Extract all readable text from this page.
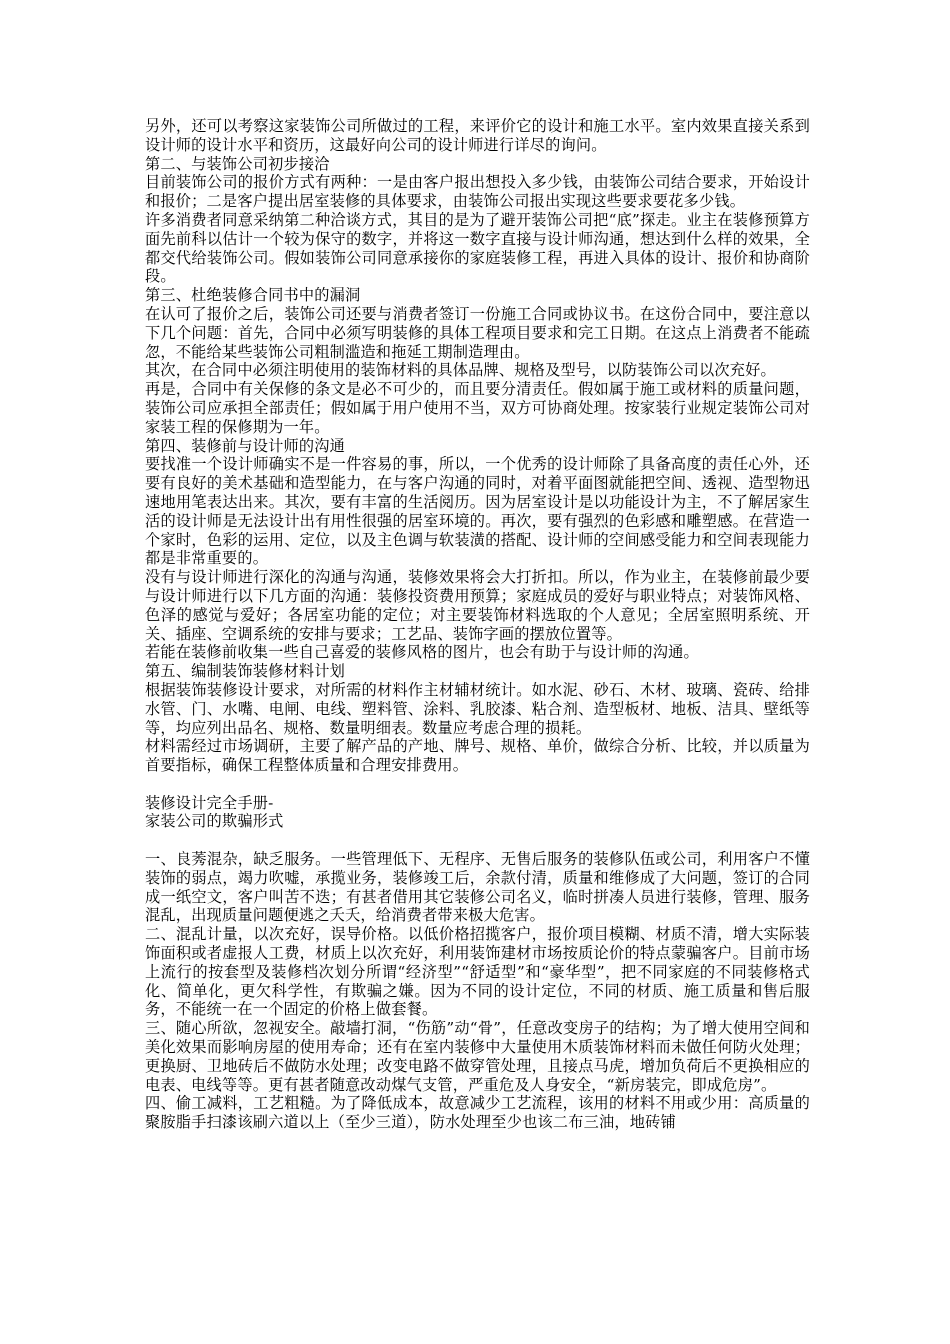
另外，还可以考察这家装饰公司所做过的工程，来评价它的设计和施工水平。室内效果直接关系到设计师的设计水平和资历，这最好向公司的设计师进行详尽的询问。

第二、与装饰公司初步接洽

目前装饰公司的报价方式有两种：一是由客户报出想投入多少钱，由装饰公司结合要求，开始设计和报价；二是客户提出居室装修的具体要求，由装饰公司报出实现这些要求要花多少钱。

许多消费者同意采纳第二种洽谈方式，其目的是为了避开装饰公司把“底”探走。业主在装修预算方面先前科以估计一个较为保守的数字，并将这一数字直接与设计师沟通，想达到什么样的效果，全都交代给装饰公司。假如装饰公司同意承接你的家庭装修工程，再进入具体的设计、报价和协商阶段。

第三、杜绝装修合同书中的漏洞

在认可了报价之后，装饰公司还要与消费者签订一份施工合同或协议书。在这份合同中，要注意以下几个问题：首先，合同中必须写明装修的具体工程项目要求和完工日期。在这点上消费者不能疏忽，不能给某些装饰公司粗制滥造和拖延工期制造理由。

其次，在合同中必须注明使用的装饰材料的具体品牌、规格及型号，以防装饰公司以次充好。

再是，合同中有关保修的条文是必不可少的，而且要分清责任。假如属于施工或材料的质量问题，装饰公司应承担全部责任；假如属于用户使用不当，双方可协商处理。按家装行业规定装饰公司对家装工程的保修期为一年。

第四、装修前与设计师的沟通

要找准一个设计师确实不是一件容易的事，所以，一个优秀的设计师除了具备高度的责任心外，还要有良好的美术基础和造型能力，在与客户沟通的同时，对着平面图就能把空间、透视、造型物迅速地用笔表达出来。其次，要有丰富的生活阅历。因为居室设计是以功能设计为主，不了解居家生活的设计师是无法设计出有用性很强的居室环境的。再次，要有强烈的色彩感和雕塑感。在营造一个家时，色彩的运用、定位，以及主色调与软装潢的搭配、设计师的空间感受能力和空间表现能力都是非常重要的。

没有与设计师进行深化的沟通与沟通，装修效果将会大打折扣。所以，作为业主，在装修前最少要与设计师进行以下几方面的沟通：装修投资费用预算；家庭成员的爱好与职业特点；对装饰风格、色泽的感觉与爱好；各居室功能的定位；对主要装饰材料选取的个人意见；全居室照明系统、开关、插座、空调系统的安排与要求；工艺品、装饰字画的摆放位置等。

若能在装修前收集一些自己喜爱的装修风格的图片，也会有助于与设计师的沟通。

第五、编制装饰装修材料计划

根据装饰装修设计要求，对所需的材料作主材辅材统计。如水泥、砂石、木材、玻璃、瓷砖、给排水管、门、水嘴、电闸、电线、塑料管、涂料、乳胶漆、粘合剂、造型板材、地板、洁具、壁纸等等，均应列出品名、规格、数量明细表。数量应考虑合理的损耗。

材料需经过市场调研，主要了解产品的产地、牌号、规格、单价，做综合分析、比较，并以质量为首要指标，确保工程整体质量和合理安排费用。

装修设计完全手册-

家装公司的欺骗形式

一、良莠混杂，缺乏服务。一些管理低下、无程序、无售后服务的装修队伍或公司，利用客户不懂装饰的弱点，竭力吹嘘，承揽业务，装修竣工后，余款付清，质量和维修成了大问题，签订的合同成一纸空文，客户叫苦不迭；有甚者借用其它装修公司名义，临时拼凑人员进行装修，管理、服务混乱，出现质量问题便逃之夭夭，给消费者带来极大危害。

二、混乱计量，以次充好，误导价格。以低价格招揽客户，报价项目模糊、材质不清，增大实际装饰面积或者虚报人工费，材质上以次充好，利用装饰建材市场按质论价的特点蒙骗客户。目前市场上流行的按套型及装修档次划分所谓“经济型”“舒适型”和“豪华型”，把不同家庭的不同装修格式化、简单化，更欠科学性，有欺骗之嫌。因为不同的设计定位，不同的材质、施工质量和售后服务，不能统一在一个固定的价格上做套餐。

三、随心所欲，忽视安全。敲墙打洞，“伤筋”动“骨”，任意改变房子的结构；为了增大使用空间和美化效果而影响房屋的使用寿命；还有在室内装修中大量使用木质装饰材料而未做任何防火处理；更换厨、卫地砖后不做防水处理；改变电路不做穿管处理，且接点马虎，增加负荷后不更换相应的电表、电线等等。更有甚者随意改动煤气支管，严重危及人身安全，“新房装完，即成危房”。

四、偷工减料，工艺粗糙。为了降低成本，故意减少工艺流程，该用的材料不用或少用：高质量的聚胺脂手扫漆该刷六道以上（至少三道），防水处理至少也该二布三油，地砖铺
